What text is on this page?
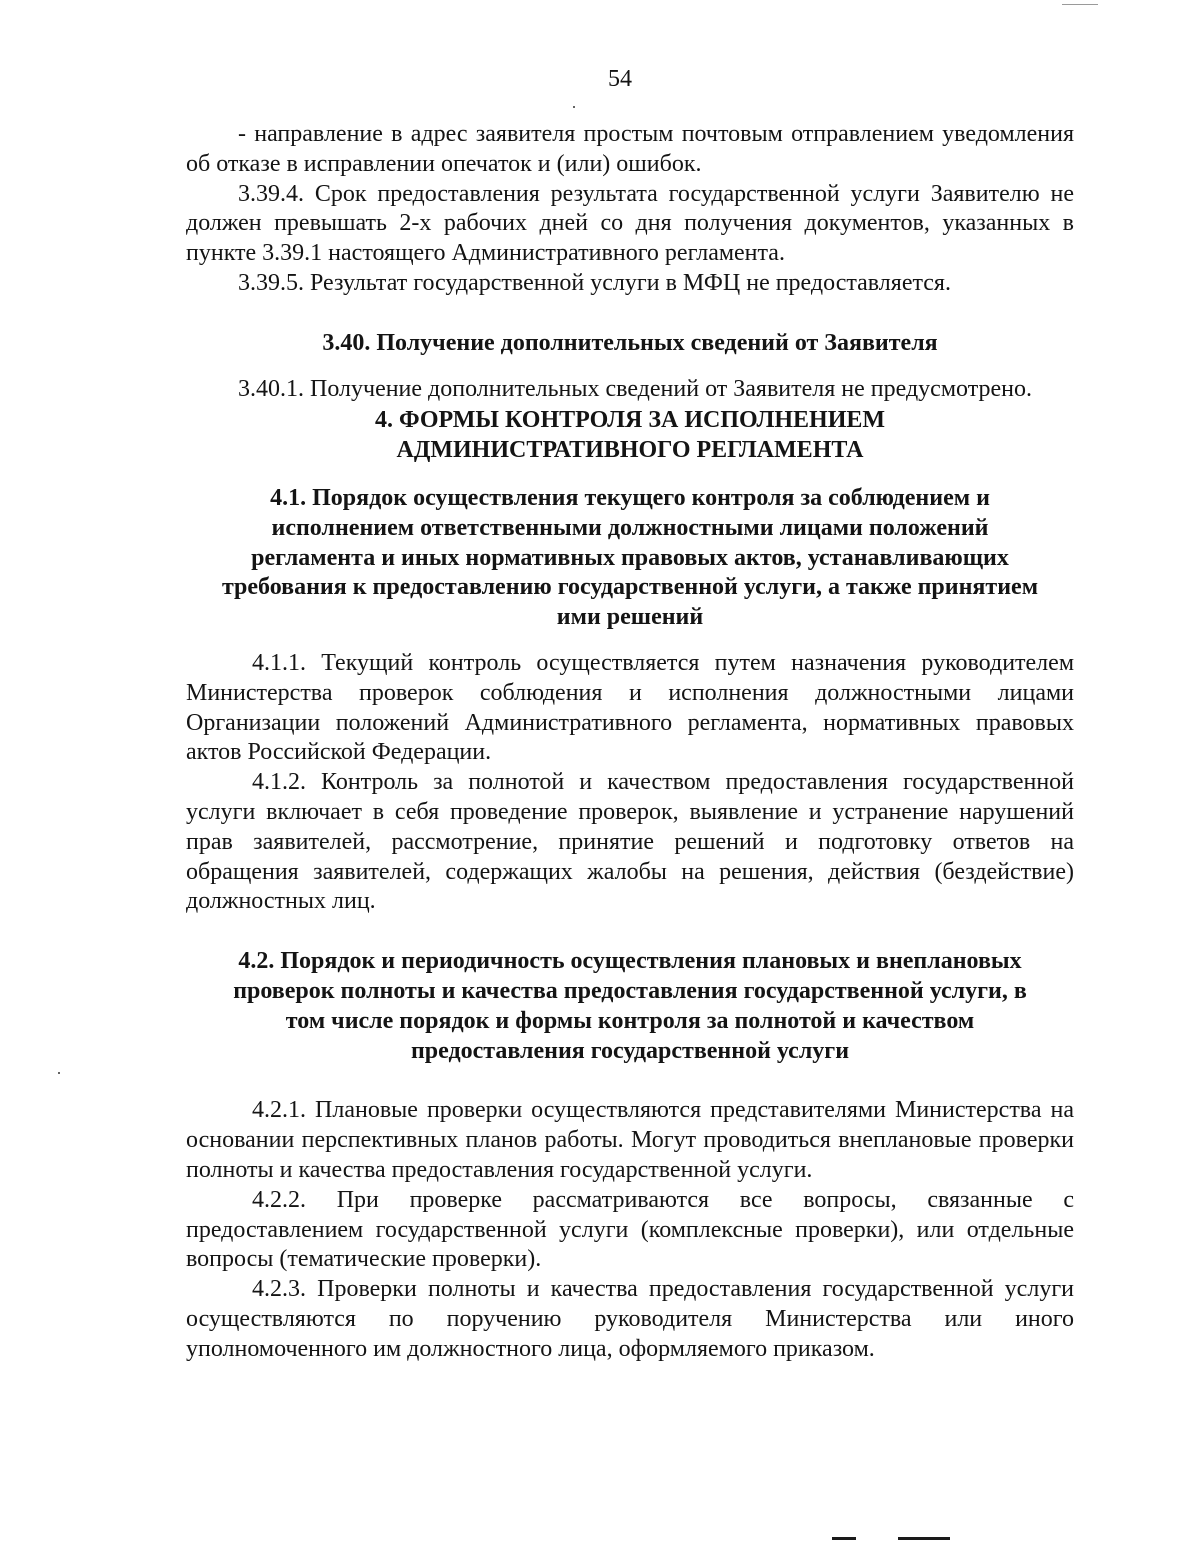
54

- направление в адрес заявителя простым почтовым отправлением уведомления об отказе в исправлении опечаток и (или) ошибок.

3.39.4. Срок предоставления результата государственной услуги Заявителю не должен превышать 2-х рабочих дней со дня получения документов, указанных в пункте 3.39.1 настоящего Административного регламента.

3.39.5. Результат государственной услуги в МФЦ не предоставляется.

3.40. Получение дополнительных сведений от Заявителя

3.40.1. Получение дополнительных сведений от Заявителя не предусмотрено.

4. ФОРМЫ КОНТРОЛЯ ЗА ИСПОЛНЕНИЕМ
АДМИНИСТРАТИВНОГО РЕГЛАМЕНТА
4.1. Порядок осуществления текущего контроля за соблюдением и
исполнением ответственными должностными лицами положений
регламента и иных нормативных правовых актов, устанавливающих
требования к предоставлению государственной услуги, а также принятием
ими решений

4.1.1. Текущий контроль осуществляется путем назначения руководителем Министерства проверок соблюдения и исполнения должностными лицами Организации положений Административного регламента, нормативных правовых актов Российской Федерации.

4.1.2. Контроль за полнотой и качеством предоставления государственной услуги включает в себя проведение проверок, выявление и устранение нарушений прав заявителей, рассмотрение, принятие решений и подготовку ответов на обращения заявителей, содержащих жалобы на решения, действия (бездействие) должностных лиц.

4.2. Порядок и периодичность осуществления плановых и внеплановых
проверок полноты и качества предоставления государственной услуги, в
том числе порядок и формы контроля за полнотой и качеством
предоставления государственной услуги

4.2.1. Плановые проверки осуществляются представителями Министерства на основании перспективных планов работы. Могут проводиться внеплановые проверки полноты и качества предоставления государственной услуги.

4.2.2. При проверке рассматриваются все вопросы, связанные с предоставлением государственной услуги (комплексные проверки), или отдельные вопросы (тематические проверки).

4.2.3. Проверки полноты и качества предоставления государственной услуги осуществляются по поручению руководителя Министерства или иного уполномоченного им должностного лица, оформляемого приказом.
